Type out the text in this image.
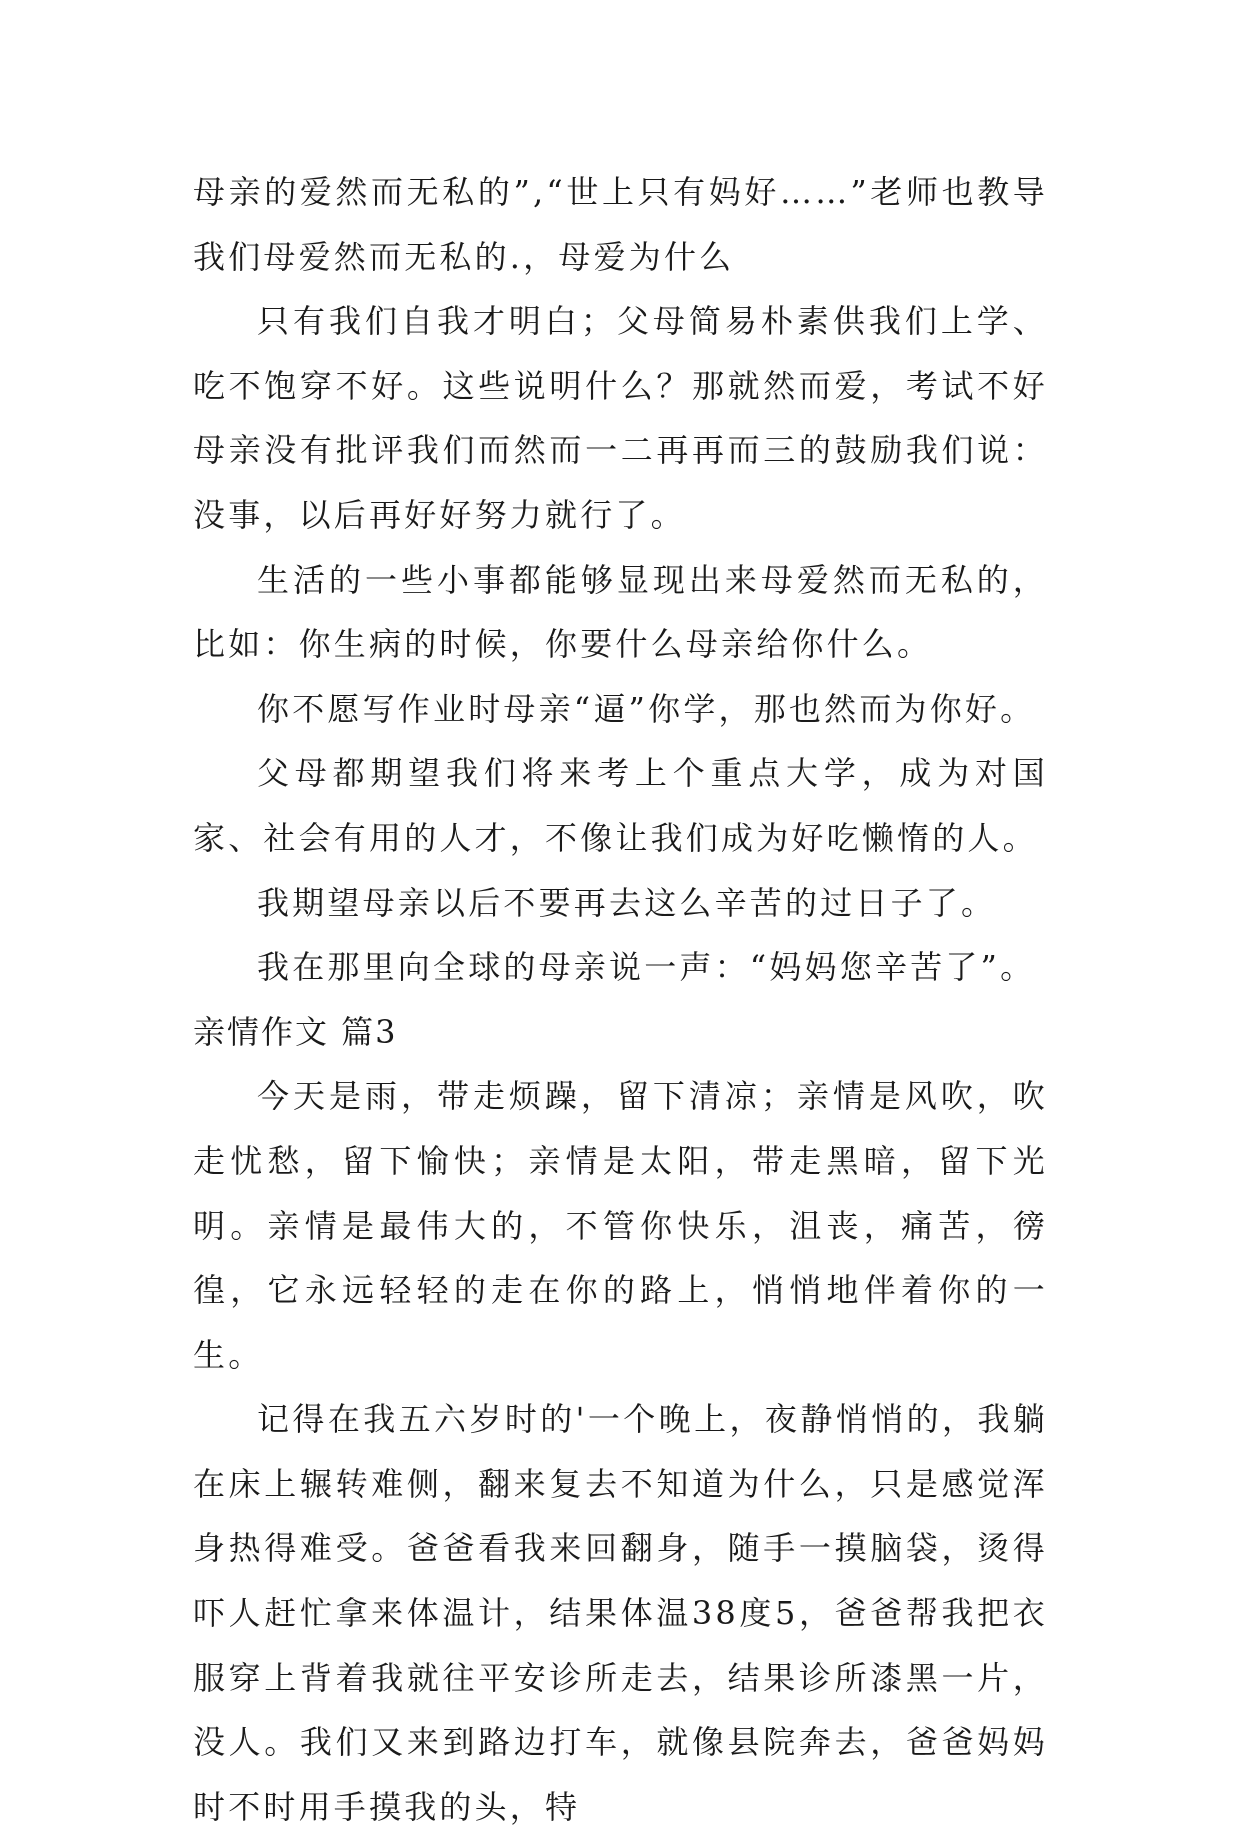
母亲的爱然而无私的”,“世上只有妈好……”老师也教导我们母爱然而无私的.，母爱为什么

只有我们自我才明白；父母简易朴素供我们上学、吃不饱穿不好。这些说明什么？那就然而爱，考试不好母亲没有批评我们而然而一二再再而三的鼓励我们说：没事，以后再好好努力就行了。

生活的一些小事都能够显现出来母爱然而无私的，比如：你生病的时候，你要什么母亲给你什么。

你不愿写作业时母亲“逼”你学，那也然而为你好。

父母都期望我们将来考上个重点大学，成为对国家、社会有用的人才，不像让我们成为好吃懒惰的人。

我期望母亲以后不要再去这么辛苦的过日子了。

我在那里向全球的母亲说一声：“妈妈您辛苦了”。

亲情作文 篇3

今天是雨，带走烦躁，留下清凉；亲情是风吹，吹走忧愁，留下愉快；亲情是太阳，带走黑暗，留下光明。亲情是最伟大的，不管你快乐，沮丧，痛苦，徬徨，它永远轻轻的走在你的路上，悄悄地伴着你的一生。

记得在我五六岁时的'一个晚上，夜静悄悄的，我躺在床上辗转难侧，翻来复去不知道为什么，只是感觉浑身热得难受。爸爸看我来回翻身，随手一摸脑袋，烫得吓人赶忙拿来体温计，结果体温38度5，爸爸帮我把衣服穿上背着我就往平安诊所走去，结果诊所漆黑一片，没人。我们又来到路边打车，就像县院奔去，爸爸妈妈时不时用手摸我的头，特
